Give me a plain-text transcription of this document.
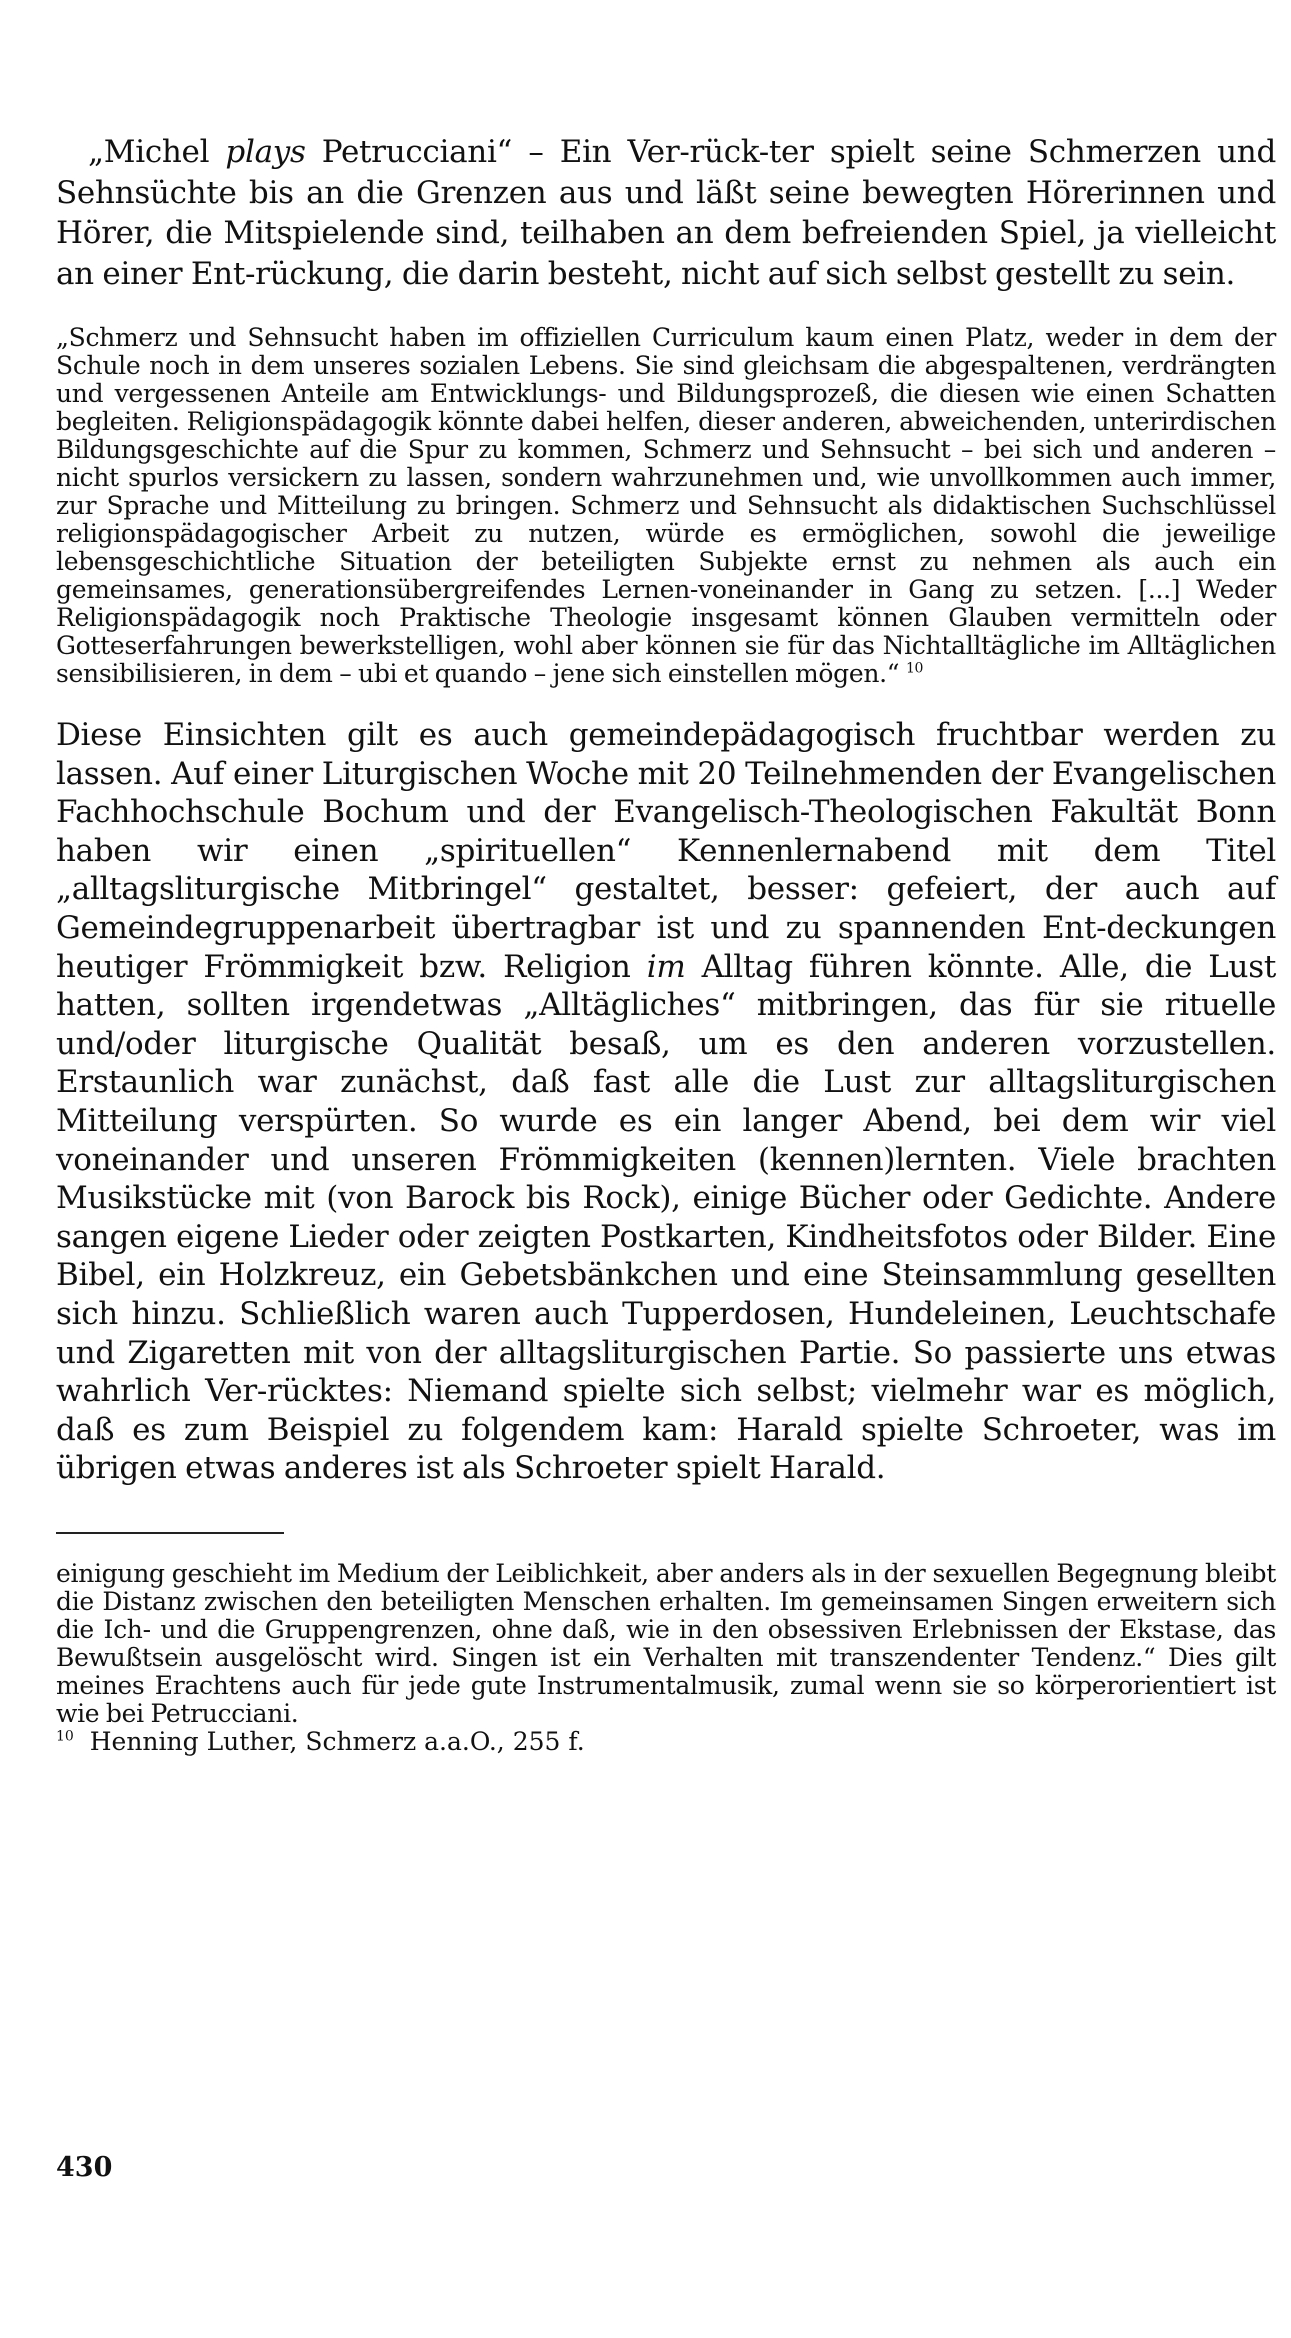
„Michel plays Petrucciani“ – Ein Ver-rück-ter spielt seine Schmerzen und Sehnsüchte bis an die Grenzen aus und läßt seine bewegten Hörerinnen und Hörer, die Mitspielende sind, teilhaben an dem befreienden Spiel, ja vielleicht an einer Ent-rückung, die darin besteht, nicht auf sich selbst gestellt zu sein.

„Schmerz und Sehnsucht haben im offiziellen Curriculum kaum einen Platz, weder in dem der Schule noch in dem unseres sozialen Lebens. Sie sind gleichsam die abgespaltenen, verdrängten und vergessenen Anteile am Entwicklungs- und Bildungsprozeß, die diesen wie einen Schatten begleiten. Religionspädagogik könnte dabei helfen, dieser anderen, abweichenden, unterirdischen Bildungsgeschichte auf die Spur zu kommen, Schmerz und Sehnsucht – bei sich und anderen – nicht spurlos versickern zu lassen, sondern wahrzunehmen und, wie unvollkommen auch immer, zur Sprache und Mitteilung zu bringen. Schmerz und Sehnsucht als didaktischen Suchschlüssel religionspädagogischer Arbeit zu nutzen, würde es ermöglichen, sowohl die jeweilige lebensgeschichtliche Situation der beteiligten Subjekte ernst zu nehmen als auch ein gemeinsames, generationsübergreifendes Lernen-voneinander in Gang zu setzen. [...] Weder Religionspädagogik noch Praktische Theologie insgesamt können Glauben vermitteln oder Gotteserfahrungen bewerkstelligen, wohl aber können sie für das Nichtalltägliche im Alltäglichen sensibilisieren, in dem – ubi et quando – jene sich einstellen mögen.“ $^{10}$

Diese Einsichten gilt es auch gemeindepädagogisch fruchtbar werden zu lassen. Auf einer Liturgischen Woche mit 20 Teilnehmenden der Evangelischen Fachhochschule Bochum und der Evangelisch-Theologischen Fakultät Bonn haben wir einen „spirituellen“ Kennenlernabend mit dem Titel „alltagsliturgische Mitbringel“ gestaltet, besser: gefeiert, der auch auf Gemeindegruppenarbeit übertragbar ist und zu spannenden Ent-deckungen heutiger Frömmigkeit bzw. Religion im Alltag führen könnte. Alle, die Lust hatten, sollten irgendetwas „Alltägliches“ mitbringen, das für sie rituelle und/oder liturgische Qualität besaß, um es den anderen vorzustellen. Erstaunlich war zunächst, daß fast alle die Lust zur alltagsliturgischen Mitteilung verspürten. So wurde es ein langer Abend, bei dem wir viel voneinander und unseren Frömmigkeiten (kennen)lernten. Viele brachten Musikstücke mit (von Barock bis Rock), einige Bücher oder Gedichte. Andere sangen eigene Lieder oder zeigten Postkarten, Kindheitsfotos oder Bilder. Eine Bibel, ein Holzkreuz, ein Gebetsbänkchen und eine Steinsammlung gesellten sich hinzu. Schließlich waren auch Tupperdosen, Hundeleinen, Leuchtschafe und Zigaretten mit von der alltagsliturgischen Partie. So passierte uns etwas wahrlich Ver-rücktes: Niemand spielte sich selbst; vielmehr war es möglich, daß es zum Beispiel zu folgendem kam: Harald spielte Schroeter, was im übrigen etwas anderes ist als Schroeter spielt Harald.

einigung geschieht im Medium der Leiblichkeit, aber anders als in der sexuellen Begegnung bleibt die Distanz zwischen den beteiligten Menschen erhalten. Im gemeinsamen Singen erweitern sich die Ich- und die Gruppengrenzen, ohne daß, wie in den obsessiven Erlebnissen der Ekstase, das Bewußtsein ausgelöscht wird. Singen ist ein Verhalten mit transzendenter Tendenz.“ Dies gilt meines Erachtens auch für jede gute Instrumentalmusik, zumal wenn sie so körperorientiert ist wie bei Petrucciani.

$^{10}$ Henning Luther, Schmerz a.a.O., 255 f.

430
